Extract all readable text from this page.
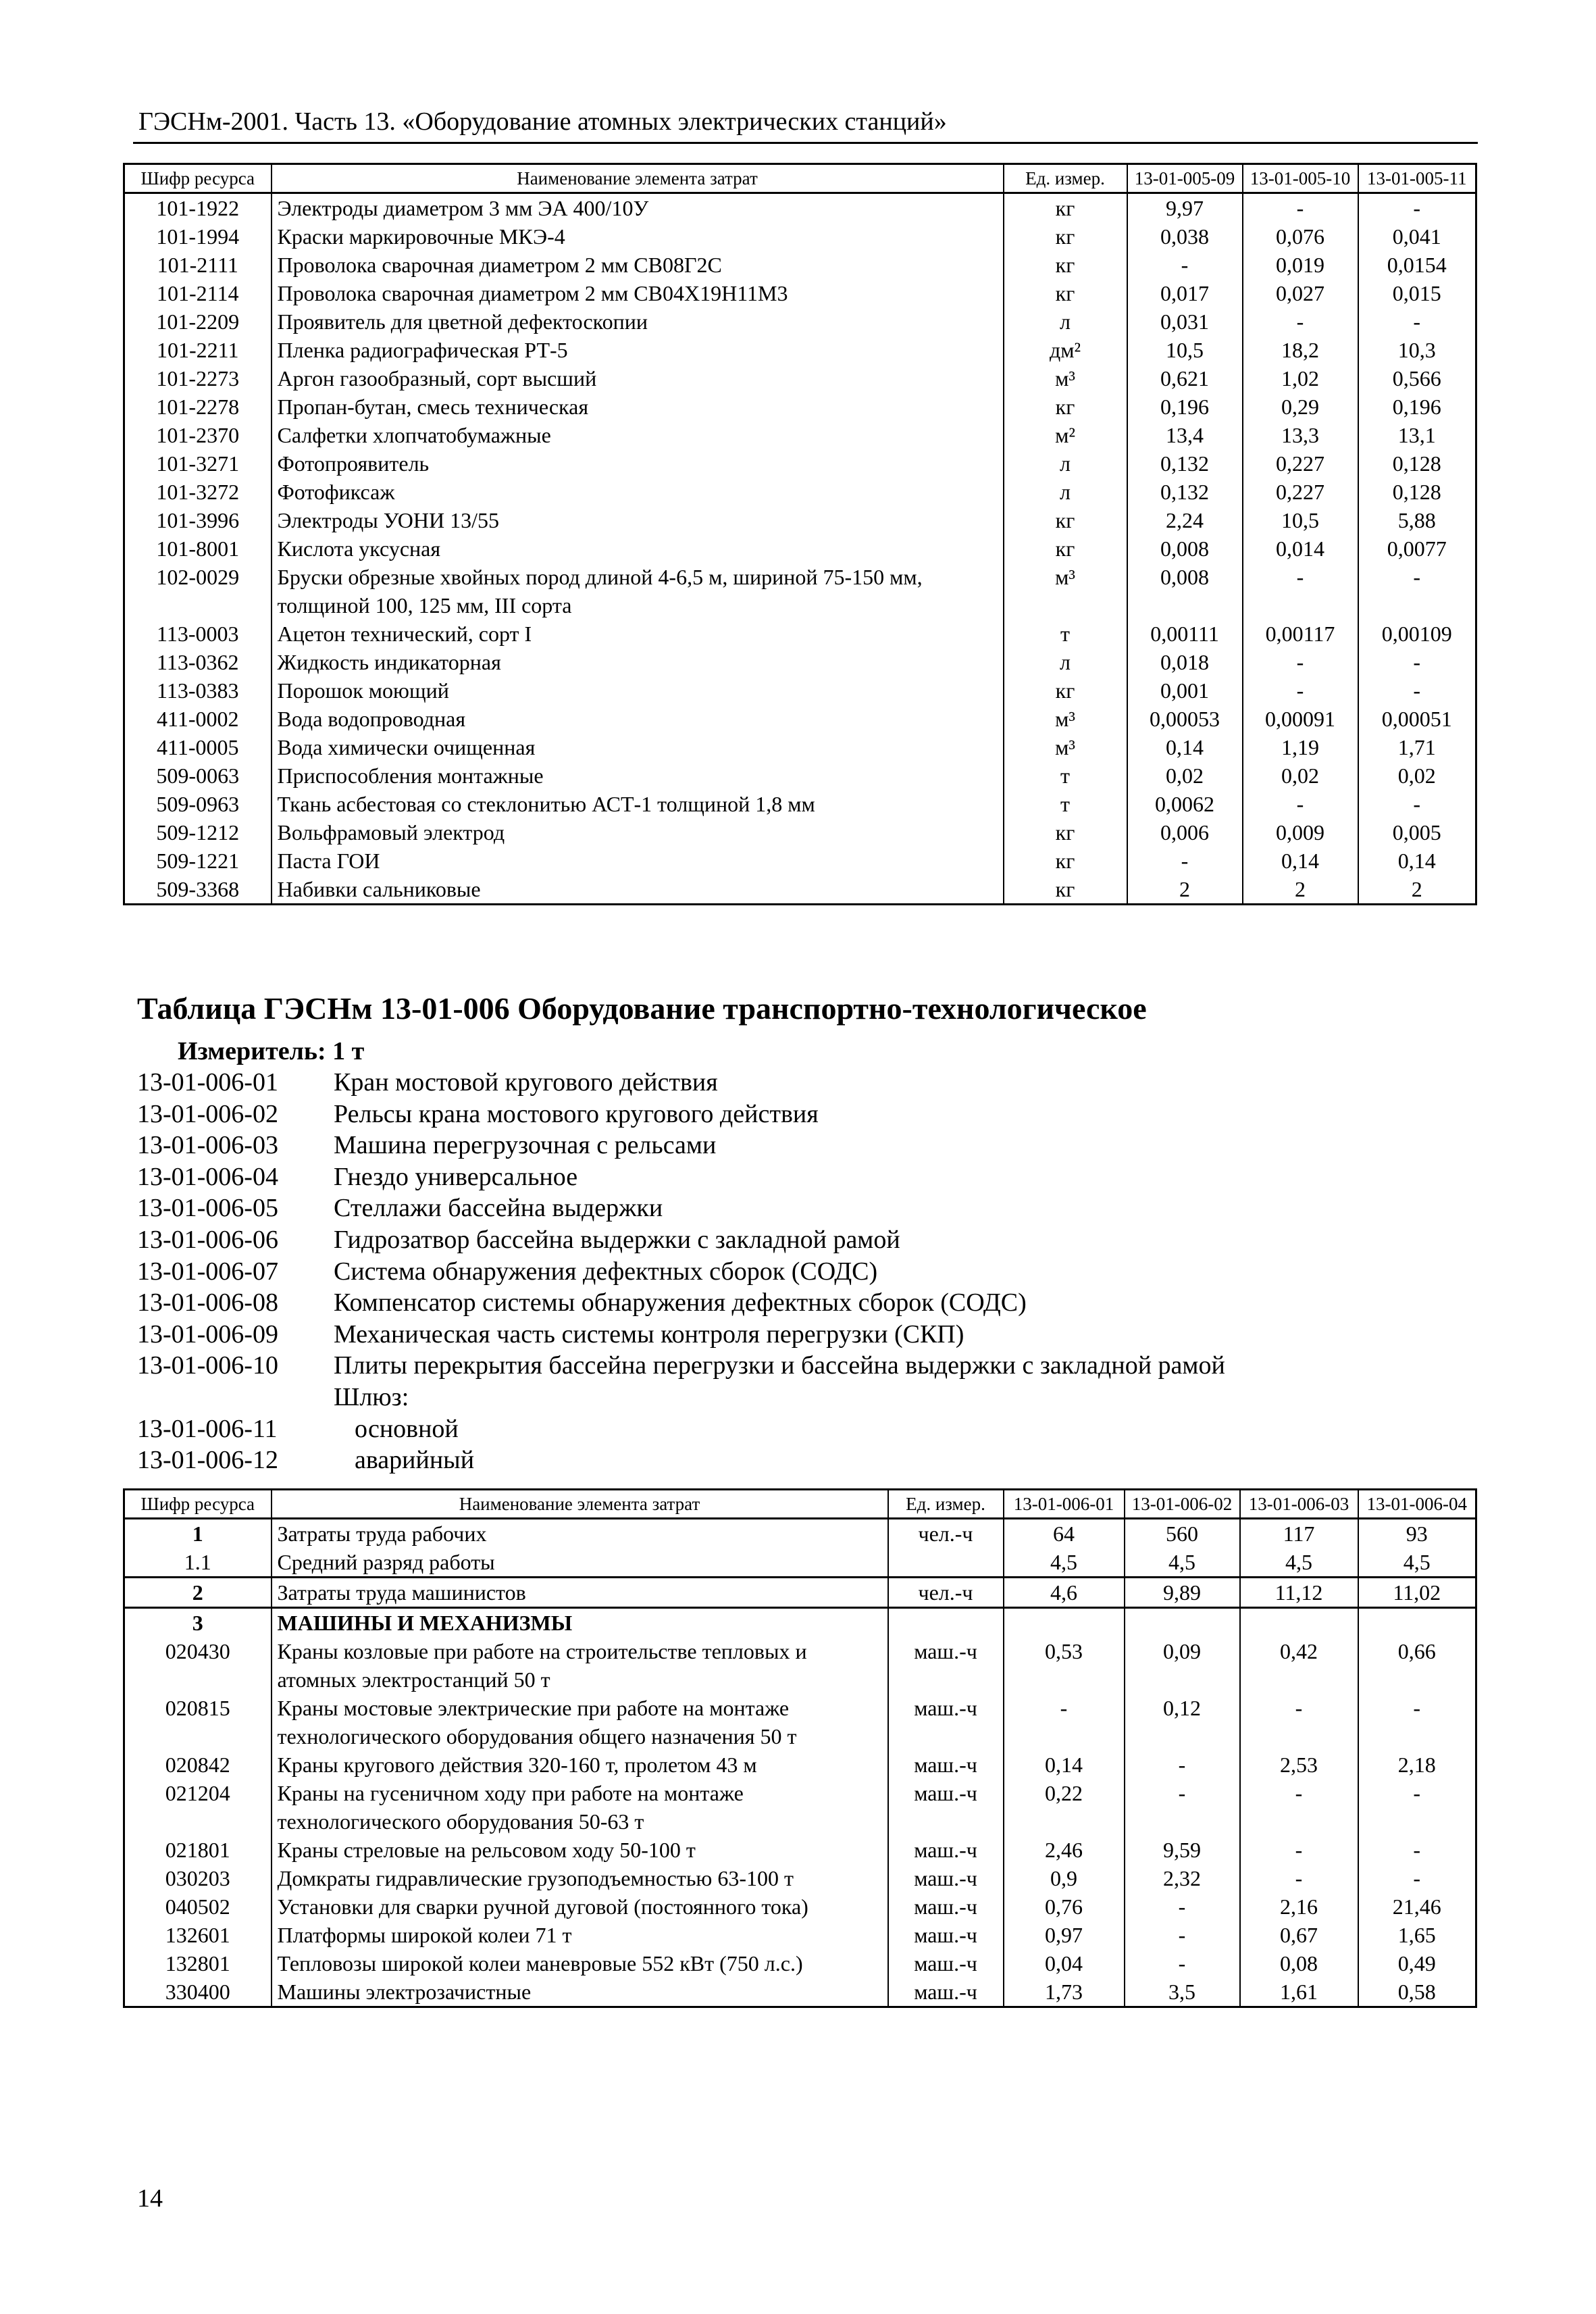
ГЭСНм-2001. Часть 13. «Оборудование атомных электрических станций»
Шифр ресурса	Наименование элемента затрат	Ед. измер.	13-01-005-09	13-01-005-10	13-01-005-11
101-1922	Электроды диаметром 3 мм ЭА 400/10У	кг	9,97	-	-
101-1994	Краски маркировочные МКЭ-4	кг	0,038	0,076	0,041
101-2111	Проволока сварочная диаметром 2 мм СВ08Г2С	кг	-	0,019	0,0154
101-2114	Проволока сварочная диаметром 2 мм СВ04Х19Н11М3	кг	0,017	0,027	0,015
101-2209	Проявитель для цветной дефектоскопии	л	0,031	-	-
101-2211	Пленка радиографическая РТ-5	дм²	10,5	18,2	10,3
101-2273	Аргон газообразный, сорт высший	м³	0,621	1,02	0,566
101-2278	Пропан-бутан, смесь техническая	кг	0,196	0,29	0,196
101-2370	Салфетки хлопчатобумажные	м²	13,4	13,3	13,1
101-3271	Фотопроявитель	л	0,132	0,227	0,128
101-3272	Фотофиксаж	л	0,132	0,227	0,128
101-3996	Электроды УОНИ 13/55	кг	2,24	10,5	5,88
101-8001	Кислота уксусная	кг	0,008	0,014	0,0077
102-0029	Бруски обрезные хвойных пород длиной 4-6,5 м, шириной 75-150 мм, толщиной 100, 125 мм, III сорта	м³	0,008	-	-
113-0003	Ацетон технический, сорт I	т	0,00111	0,00117	0,00109
113-0362	Жидкость индикаторная	л	0,018	-	-
113-0383	Порошок моющий	кг	0,001	-	-
411-0002	Вода водопроводная	м³	0,00053	0,00091	0,00051
411-0005	Вода химически очищенная	м³	0,14	1,19	1,71
509-0063	Приспособления монтажные	т	0,02	0,02	0,02
509-0963	Ткань асбестовая со стеклонитью АСТ-1 толщиной 1,8 мм	т	0,0062	-	-
509-1212	Вольфрамовый электрод	кг	0,006	0,009	0,005
509-1221	Паста ГОИ	кг	-	0,14	0,14
509-3368	Набивки сальниковые	кг	2	2	2
Таблица ГЭСНм 13-01-006 Оборудование транспортно-технологическое
Измеритель: 1 т
13-01-006-01 Кран мостовой кругового действия
13-01-006-02 Рельсы крана мостового кругового действия
13-01-006-03 Машина перегрузочная с рельсами
13-01-006-04 Гнездо универсальное
13-01-006-05 Стеллажи бассейна выдержки
13-01-006-06 Гидрозатвор бассейна выдержки с закладной рамой
13-01-006-07 Система обнаружения дефектных сборок (СОДС)
13-01-006-08 Компенсатор системы обнаружения дефектных сборок (СОДС)
13-01-006-09 Механическая часть системы контроля перегрузки (СКП)
13-01-006-10 Плиты перекрытия бассейна перегрузки и бассейна выдержки с закладной рамой
Шлюз:
13-01-006-11	основной
13-01-006-12	аварийный
Шифр ресурса	Наименование элемента затрат	Ед. измер.	13-01-006-01	13-01-006-02	13-01-006-03	13-01-006-04
1	Затраты труда рабочих	чел.-ч	64	560	117	93
1.1	Средний разряд работы		4,5	4,5	4,5	4,5
2	Затраты труда машинистов	чел.-ч	4,6	9,89	11,12	11,02
3	МАШИНЫ И МЕХАНИЗМЫ					
020430	Краны козловые при работе на строительстве тепловых и атомных электростанций 50 т	маш.-ч	0,53	0,09	0,42	0,66
020815	Краны мостовые электрические при работе на монтаже технологического оборудования общего назначения 50 т	маш.-ч	-	0,12	-	-
020842	Краны кругового действия 320-160 т, пролетом 43 м	маш.-ч	0,14	-	2,53	2,18
021204	Краны на гусеничном ходу при работе на монтаже технологического оборудования 50-63 т	маш.-ч	0,22	-	-	-
021801	Краны стреловые на рельсовом ходу 50-100 т	маш.-ч	2,46	9,59	-	-
030203	Домкраты гидравлические грузоподъемностью 63-100 т	маш.-ч	0,9	2,32	-	-
040502	Установки для сварки ручной дуговой (постоянного тока)	маш.-ч	0,76	-	2,16	21,46
132601	Платформы широкой колеи 71 т	маш.-ч	0,97	-	0,67	1,65
132801	Тепловозы широкой колеи маневровые 552 кВт (750 л.с.)	маш.-ч	0,04	-	0,08	0,49
330400	Машины электрозачистные	маш.-ч	1,73	3,5	1,61	0,58
14
